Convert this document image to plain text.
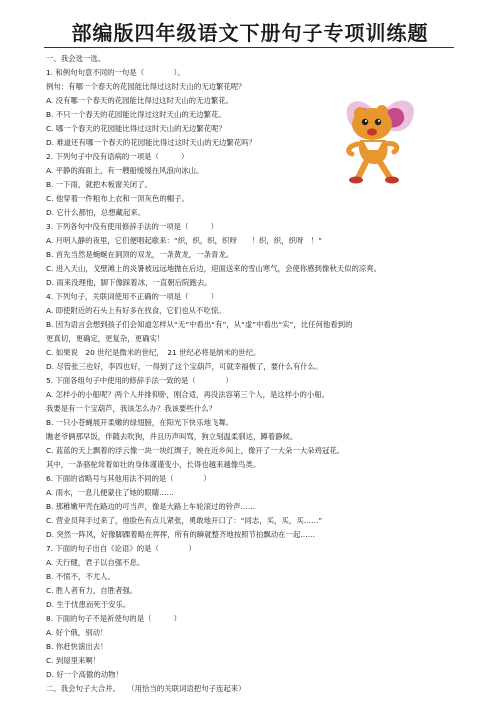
部编版四年级语文下册句子专项训练题
一、我会选一选。
1. 和例句句意不同的一句是（　　　　）。
例句：有哪一个春天的花园能比得过这时天山的无边繁花呢？
A. 没有哪一个春天的花园能比得过这时天山的无边繁花。
B. 不只一个春天的花园能比得过这时天山的无边繁花。
C. 哪一个春天的花园能比得过这时天山的无边繁花呢？
D. 难道还有哪一个春天的花园能比得过这时天山的无边繁花吗？
2. 下列句子中没有语病的一项是（　　　）
A. 平静的海面上，有一艘船缓缓在风浪向冰山。
B. 一下雨，就把木板窗关闭了。
C. 他穿着一件粗布上衣和一顶灰色的帽子。
D. 它什么都怕，总想藏起来。
3. 下列各句中没有使用修辞手法的一项是（　　　）
A. 月明人静的夜里，它们便唱起歌来：“织，织，织，织呀　　！织，织，织呀　！”
B. 首先当然是蜿蜒在洞顶的双龙，一条黄龙，一条青龙。
C. 进入天山，戈壁滩上的炎暑被远远地抛在后边，迎面送来的雪山寒气，会使你感到像秋天似的凉爽。
D. 雨来没理他，脚下像踩着冰，一直朝后院跑去。
4. 下列句子，关联词使用不正确的一项是（　　　）
A. 即使附近的石头上有好多在找食，它们也从不吃惊。
B. 因为语言会想到孩子们会知道怎样从“无”中看出“有”，从“虚”中看出“实”，比任何他看到的
更真切，更确定，更复杂，更确实！
C. 如果说　20 世纪是微米的世纪，　21 世纪必将是纳米的世纪。
D. 尽管张三也好，李四也好，一得到了这个宝葫芦，可就幸福极了，要什么有什么。
5. 下面各组句子中使用的修辞手法一致的是（　　　　）
A. 怎样小的小船呢？两个人并排仰卧，刚合适，再没法容第三个人，是这样小的小船。
我要是有一个宝葫芦，我该怎么办？我该要些什么？
B. 一只小苍蝇展开柔嫩的绿翅膀，在阳光下快乐地飞舞。
瞧老爷俩那早饭，伴随去吹狗，并且历声叫骂，狗立刻温柔驯达，蹲着静候。
C. 蓝蓝的天上飘着的浮云像一块一块红绸子，映在近乡间上，像开了一大朵一大朵鸡冠花。
其中，一条骆驼耸着如壮的身体谨谨变小，长得也越来越像鸟类。
6. 下面的省略号与其他用法不同的是（　　　　）
A. 雨水，一息儿便蒙住了她的眼睛……
B. 那稚嫩甲壳在路边的可当声，像是大路上车轮滚过的铃声……
C. 营业员拜手过来了，他脸色有点儿紧张，勇敢地开口了：“同志，买，买，买……”
D. 突然一阵风，好像脚踝着略在挥挥，所有的瞬就整齐地按照节拍飘动在一起……
7. 下面的句子出自《论语》的是（　　　　）
A. 天行健，君子以自强不息。
B. 不愤不，不尤人。
C. 胜人者有力，自胜者强。
D. 生于忧患而死于安乐。
8. 下面的句子不是祈使句的是（　　　）
A. 好个俄，别动！
B. 你赶快演出去！
C. 到屋里来啊！
D. 好一个高傲的动物！
二、我会句子大合并。　　（用恰当的关联词语把句子连起来）
